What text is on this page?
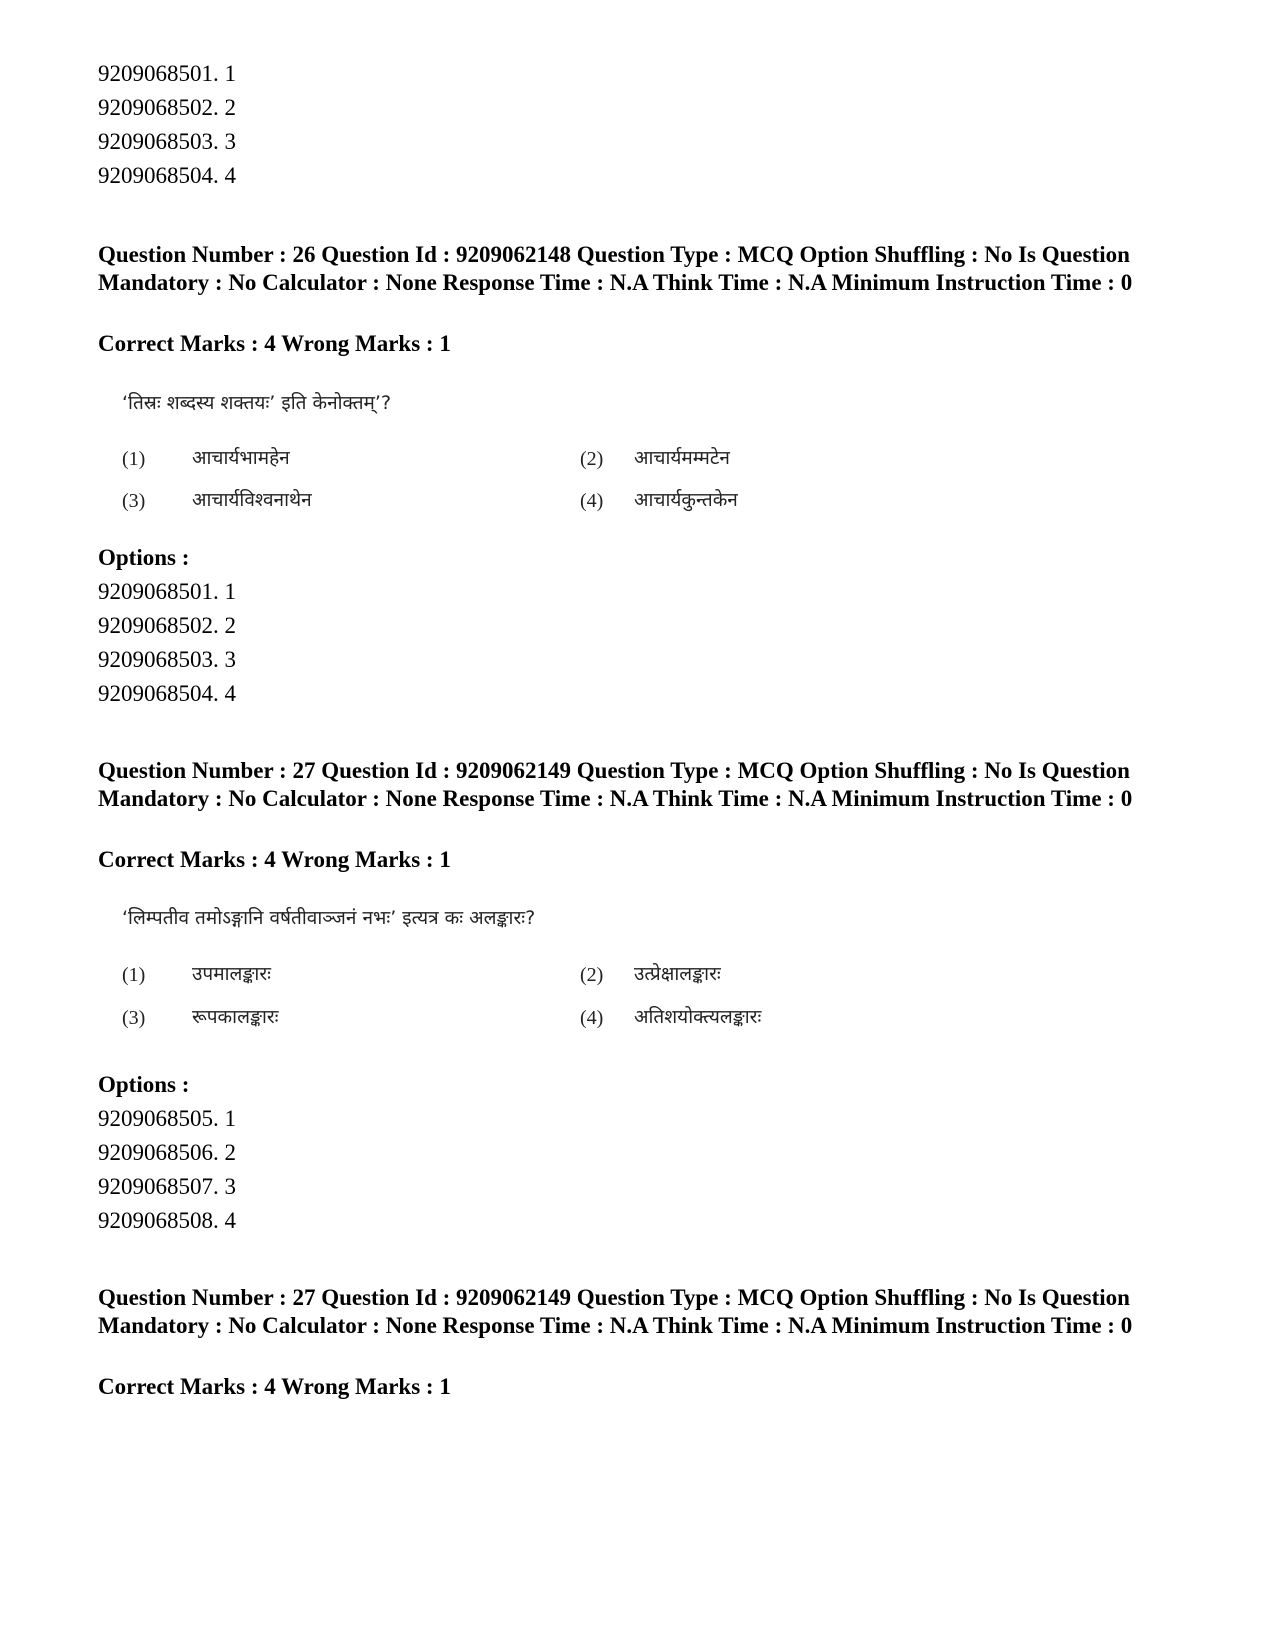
9209068501. 1
9209068502. 2
9209068503. 3
9209068504. 4
Question Number : 26 Question Id : 9209062148 Question Type : MCQ Option Shuffling : No Is Question Mandatory : No Calculator : None Response Time : N.A Think Time : N.A Minimum Instruction Time : 0
Correct Marks : 4 Wrong Marks : 1
‘तिस्रः शब्दस्य शक्तयः’ इति केनोक्तम्’?
(1) आचार्यभामहेन	(2) आचार्यमम्मटेन
(3) आचार्यविश्वनाथेन	(4) आचार्यकुन्तकेन
Options :
9209068501. 1
9209068502. 2
9209068503. 3
9209068504. 4
Question Number : 27 Question Id : 9209062149 Question Type : MCQ Option Shuffling : No Is Question Mandatory : No Calculator : None Response Time : N.A Think Time : N.A Minimum Instruction Time : 0
Correct Marks : 4 Wrong Marks : 1
‘लिम्पतीव तमोऽङ्गानि वर्षतीवाञ्जनं नभः’ इत्यत्र कः अलङ्कारः?
(1) उपमालङ्कारः	(2) उत्प्रेक्षालङ्कारः
(3) रूपकालङ्कारः	(4) अतिशयोक्त्यलङ्कारः
Options :
9209068505. 1
9209068506. 2
9209068507. 3
9209068508. 4
Question Number : 27 Question Id : 9209062149 Question Type : MCQ Option Shuffling : No Is Question Mandatory : No Calculator : None Response Time : N.A Think Time : N.A Minimum Instruction Time : 0
Correct Marks : 4 Wrong Marks : 1
